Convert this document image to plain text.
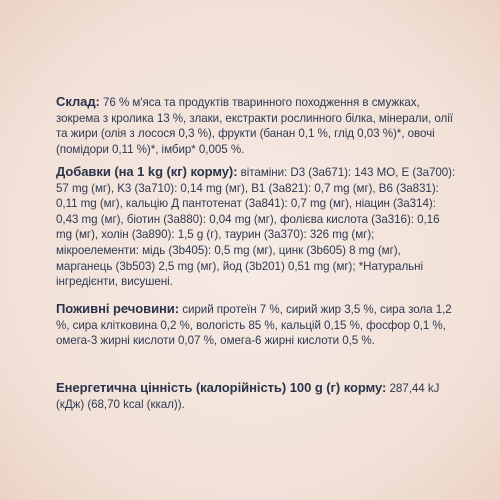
Склад: 76 % м'яса та продуктів тваринного походження в смужках, зокрема з кролика 13 %, злаки, екстракти рослинного білка, мінерали, олії та жири (олія з лосося 0,3 %), фрукти (банан 0,1 %, глід 0,03 %)*, овочі (помідори 0,11 %)*, імбир* 0,005 %.
Добавки (на 1 kg (кг) корму): вітаміни: D3 (3a671): 143 МО, E (3a700): 57 mg (мг), K3 (3a710): 0,14 mg (мг), B1 (3a821): 0,7 mg (мг), B6 (3a831): 0,11 mg (мг), кальцію Д пантотенат (3a841): 0,7 mg (мг), ніацин (3a314): 0,43 mg (мг), біотин (3a880): 0,04 mg (мг), фолієва кислота (3a316): 0,16 mg (мг), холін (3a890): 1,5 g (г), таурин (3a370): 326 mg (мг); мікроелементи: мідь (3b405): 0,5 mg (мг), цинк (3b605) 8 mg (мг), марганець (3b503) 2,5 mg (мг), йод (3b201) 0,51 mg (мг); *Натуральні інгредієнти, висушені.
Поживні речовини: сирий протеїн 7 %, сирий жир 3,5 %, сира зола 1,2 %, сира клітковина 0,2 %, вологість 85 %, кальцій 0,15 %, фосфор 0,1 %, омега-3 жирні кислоти 0,07 %, омега-6 жирні кислоти 0,5 %.
Енергетична цінність (калорійність) 100 g (г) корму: 287,44 kJ (кДж) (68,70 kcal (ккал)).
